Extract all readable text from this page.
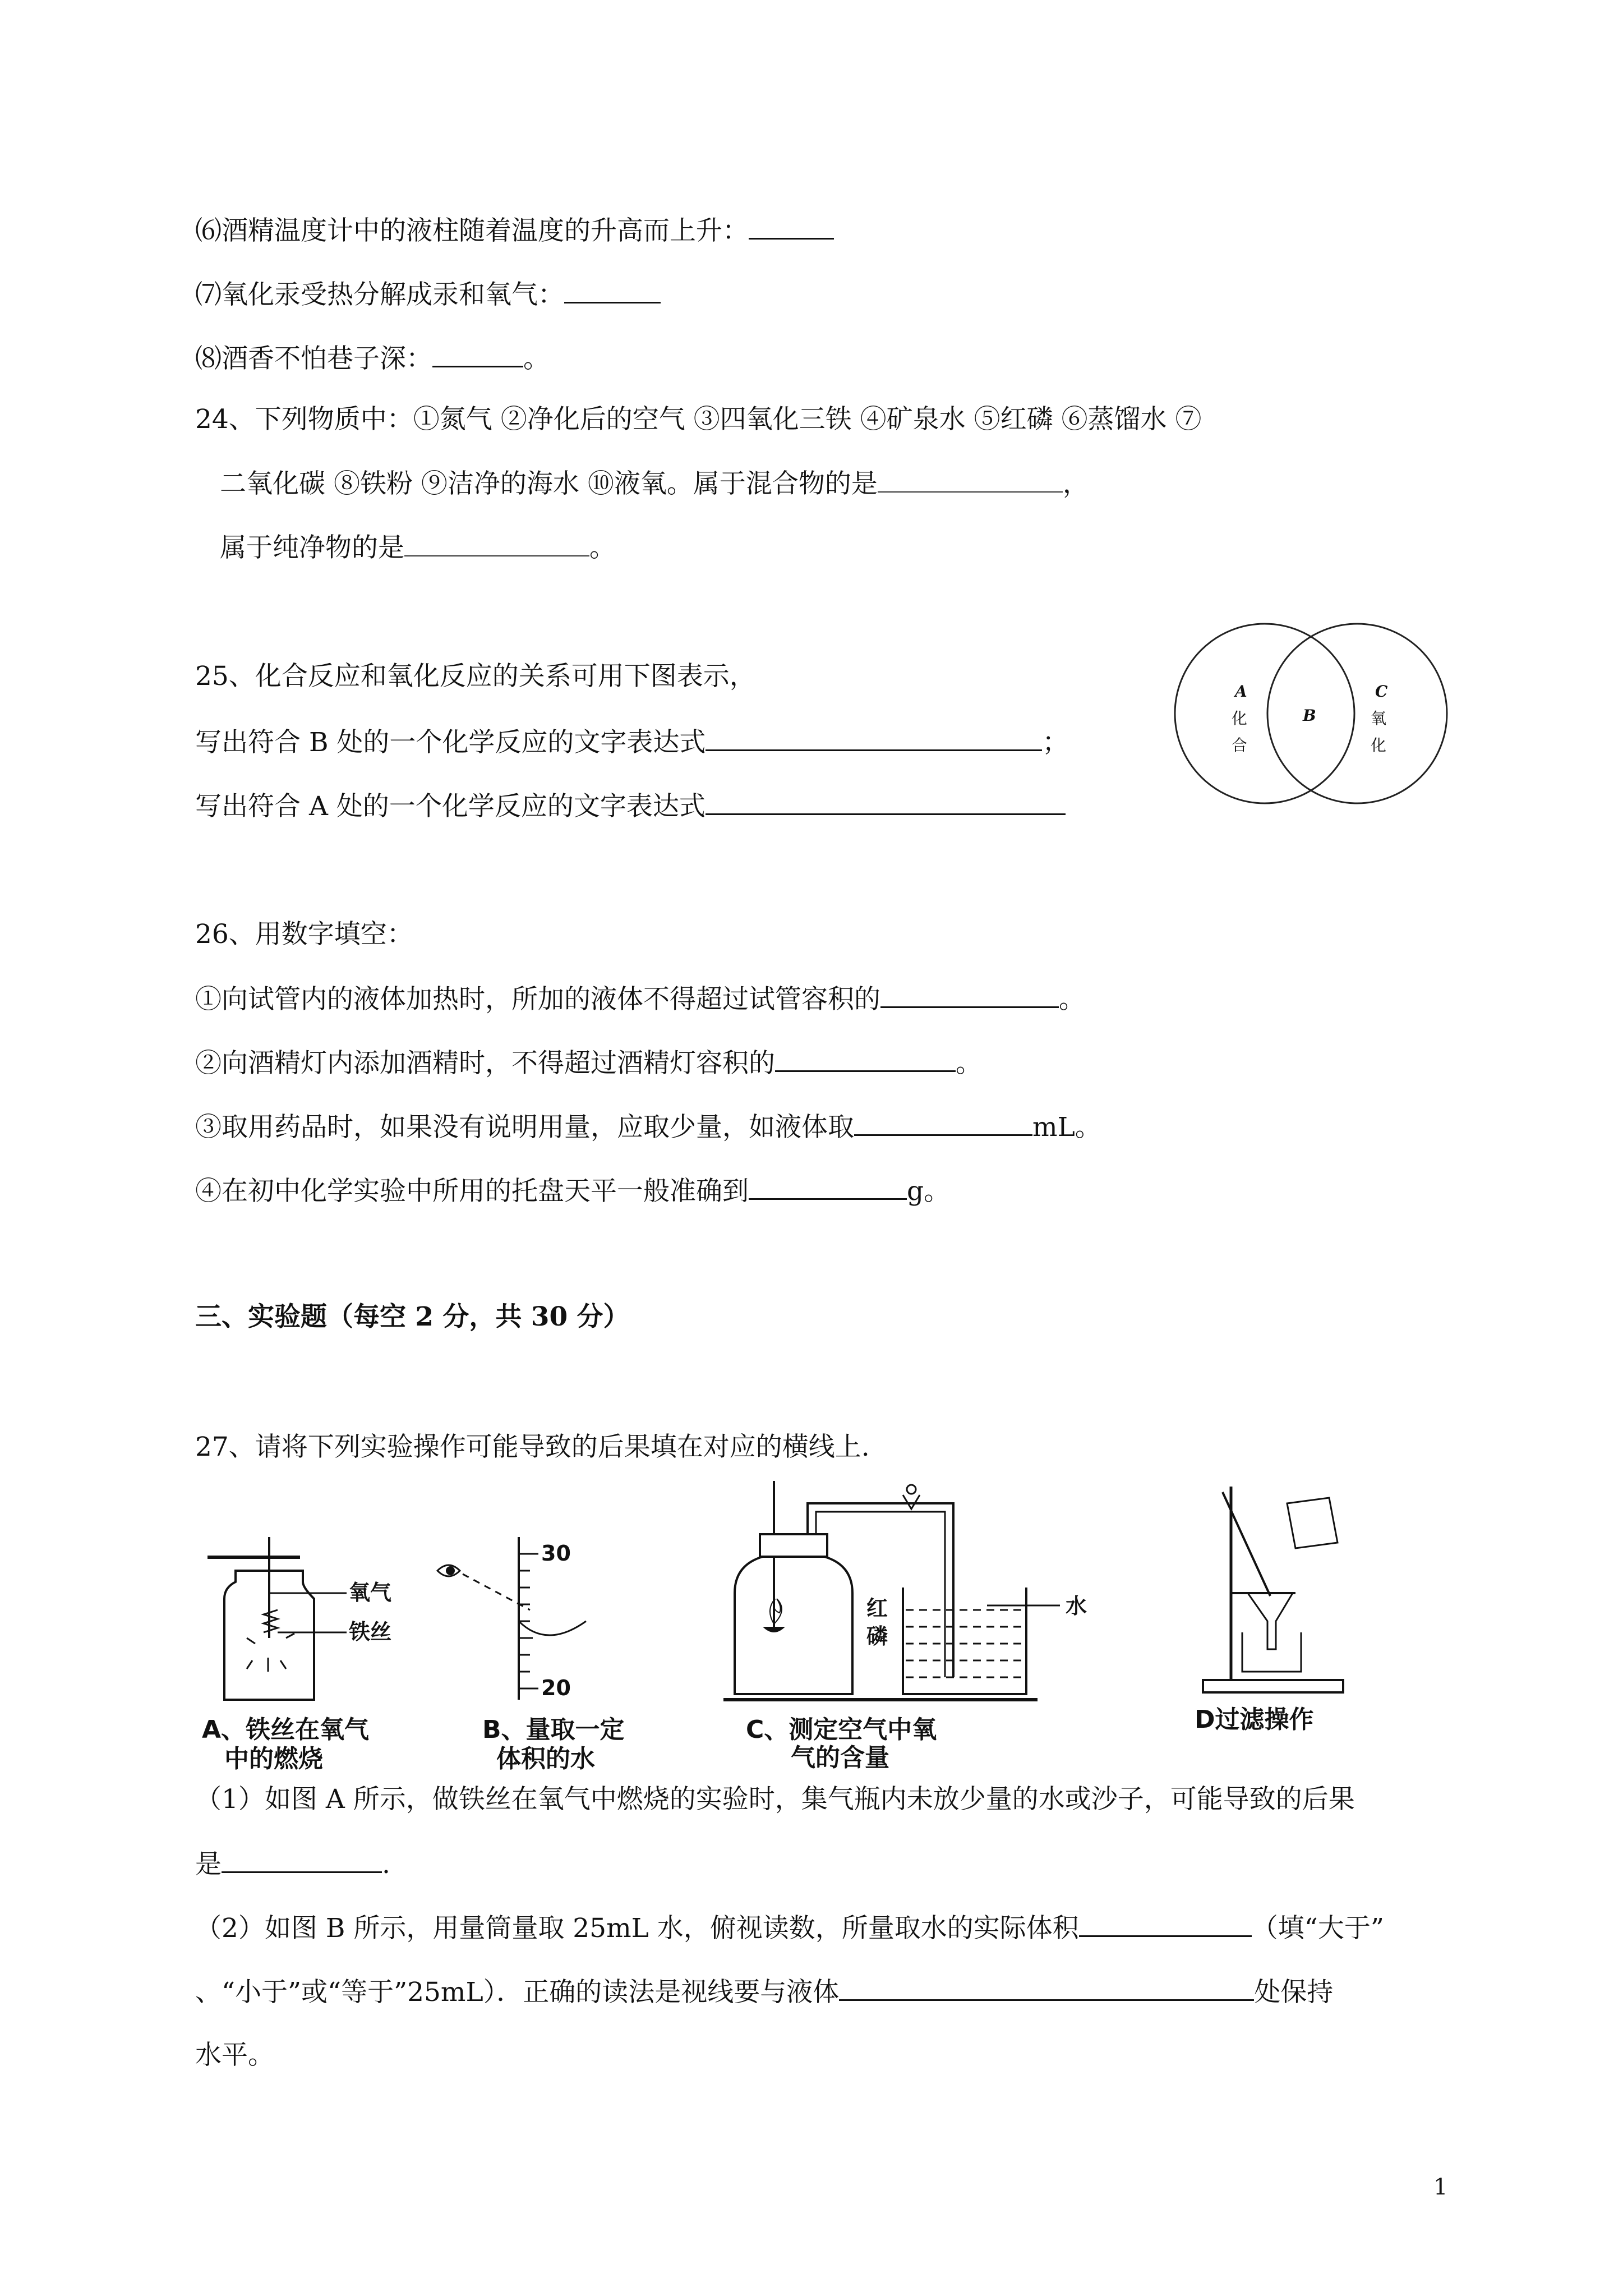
⑹酒精温度计中的液柱随着温度的升高而上升：
⑺氧化汞受热分解成汞和氧气：
⑻酒香不怕巷子深：	。
24、下列物质中：①氮气 ②净化后的空气 ③四氧化三铁 ④矿泉水 ⑤红磷 ⑥蒸馏水 ⑦
二氧化碳 ⑧铁粉 ⑨洁净的海水 ⑩液氧。属于混合物的是	，
属于纯净物的是	。
25、化合反应和氧化反应的关系可用下图表示，
写出符合 B 处的一个化学反应的文字表达式	；
写出符合 A 处的一个化学反应的文字表达式
A
化
合
B
C
氧
化
26、用数字填空：
①向试管内的液体加热时，所加的液体不得超过试管容积的	。
②向酒精灯内添加酒精时，不得超过酒精灯容积的	。
③取用药品时，如果没有说明用量，应取少量，如液体取	mL。
④在初中化学实验中所用的托盘天平一般准确到	g。
三、实验题（每空 2 分，共 30 分）
27、请将下列实验操作可能导致的后果填在对应的横线上.
氧气
铁丝
A、铁丝在氧气
中的燃烧
30
20
B、量取一定
体积的水
红
磷
水
C、测定空气中氧
气的含量
D过滤操作
（1）如图 A 所示，做铁丝在氧气中燃烧的实验时，集气瓶内未放少量的水或沙子，可能导致的后果
是	.
（2）如图 B 所示，用量筒量取 25mL 水，俯视读数，所量取水的实际体积	（填“大于”
、“小于”或“等于”25mL）．正确的读法是视线要与液体	处保持
水平。
1
